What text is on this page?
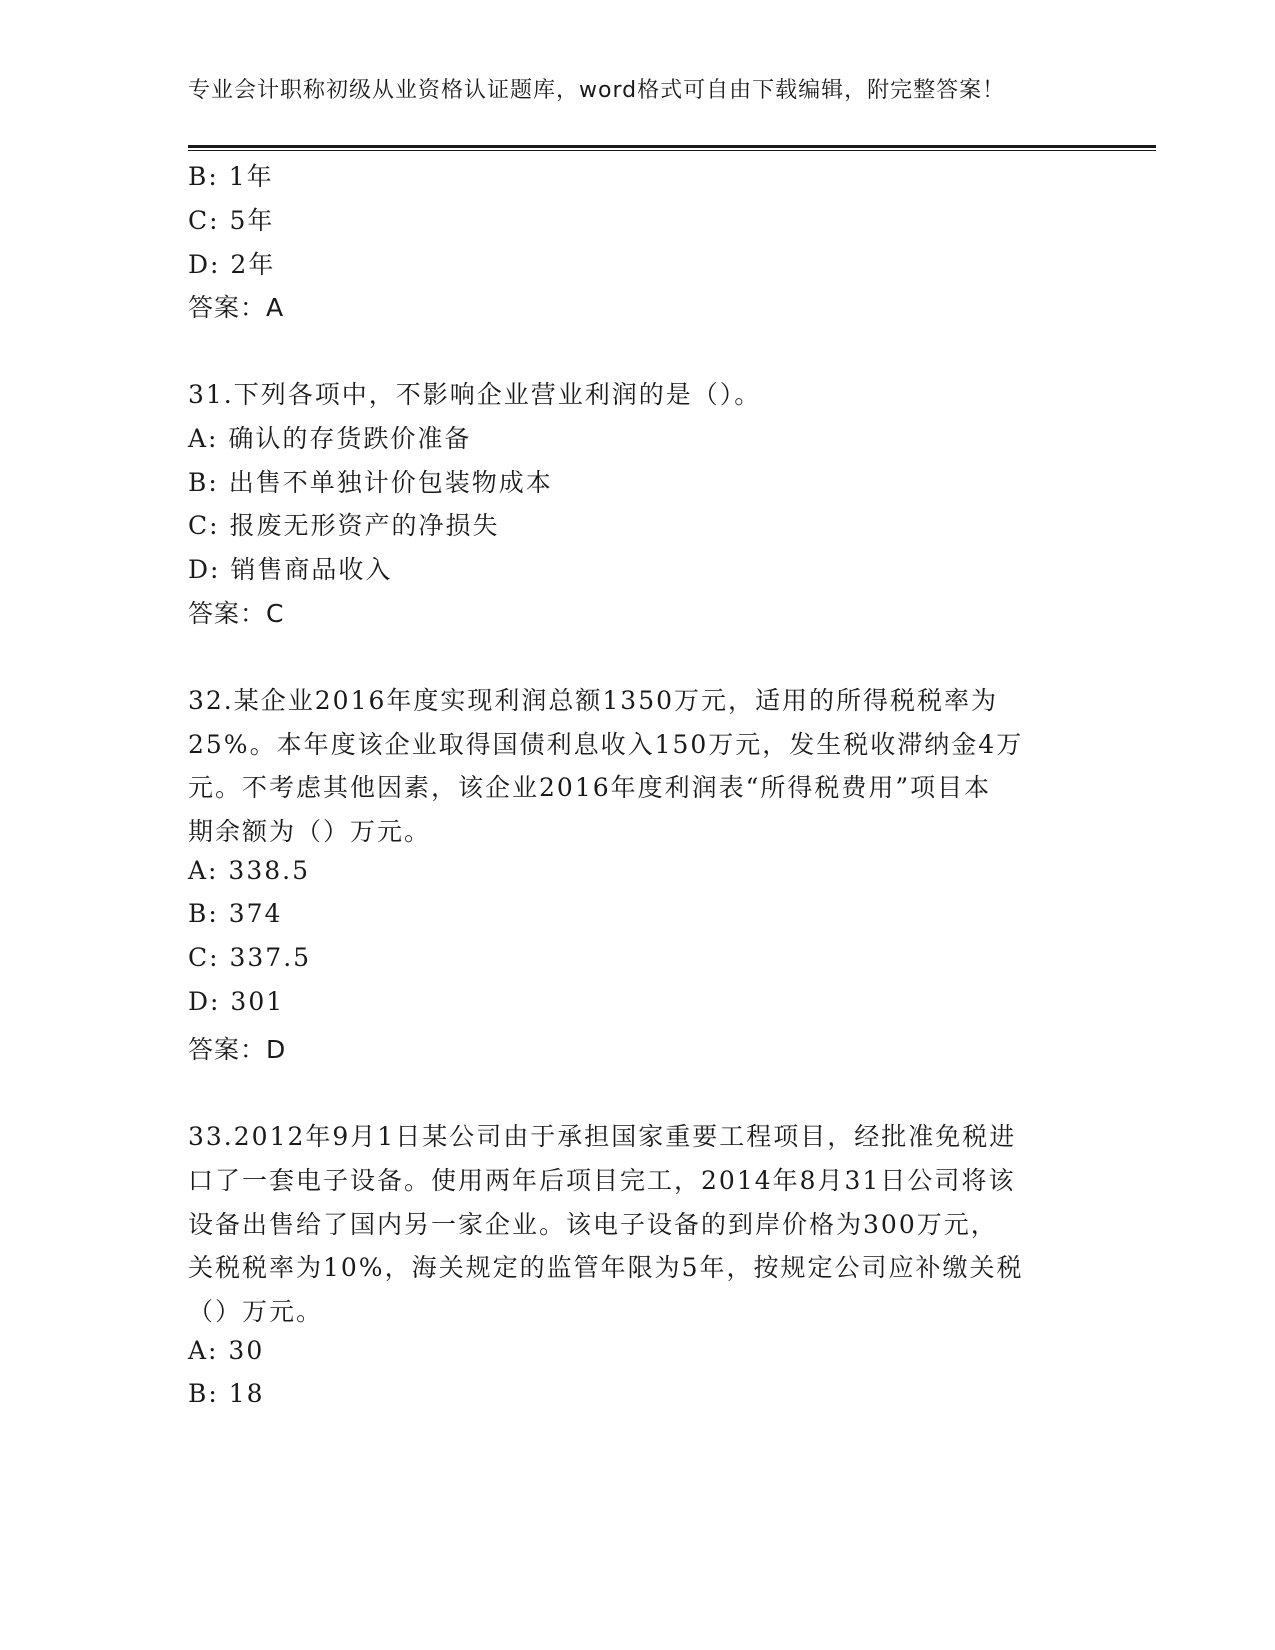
专业会计职称初级从业资格认证题库，word格式可自由下载编辑，附完整答案！
B: 1年
C: 5年
D: 2年
答案：A
31.下列各项中，不影响企业营业利润的是（）。
A: 确认的存货跌价准备
B: 出售不单独计价包装物成本
C: 报废无形资产的净损失
D: 销售商品收入
答案：C
32.某企业2016年度实现利润总额1350万元，适用的所得税税率为
25%。本年度该企业取得国债利息收入150万元，发生税收滞纳金4万
元。不考虑其他因素，该企业2016年度利润表“所得税费用”项目本
期余额为（）万元。
A: 338.5
B: 374
C: 337.5
D: 301
答案：D
33.2012年9月1日某公司由于承担国家重要工程项目，经批准免税进
口了一套电子设备。使用两年后项目完工，2014年8月31日公司将该
设备出售给了国内另一家企业。该电子设备的到岸价格为300万元，
关税税率为10%，海关规定的监管年限为5年，按规定公司应补缴关税
（）万元。
A: 30
B: 18
